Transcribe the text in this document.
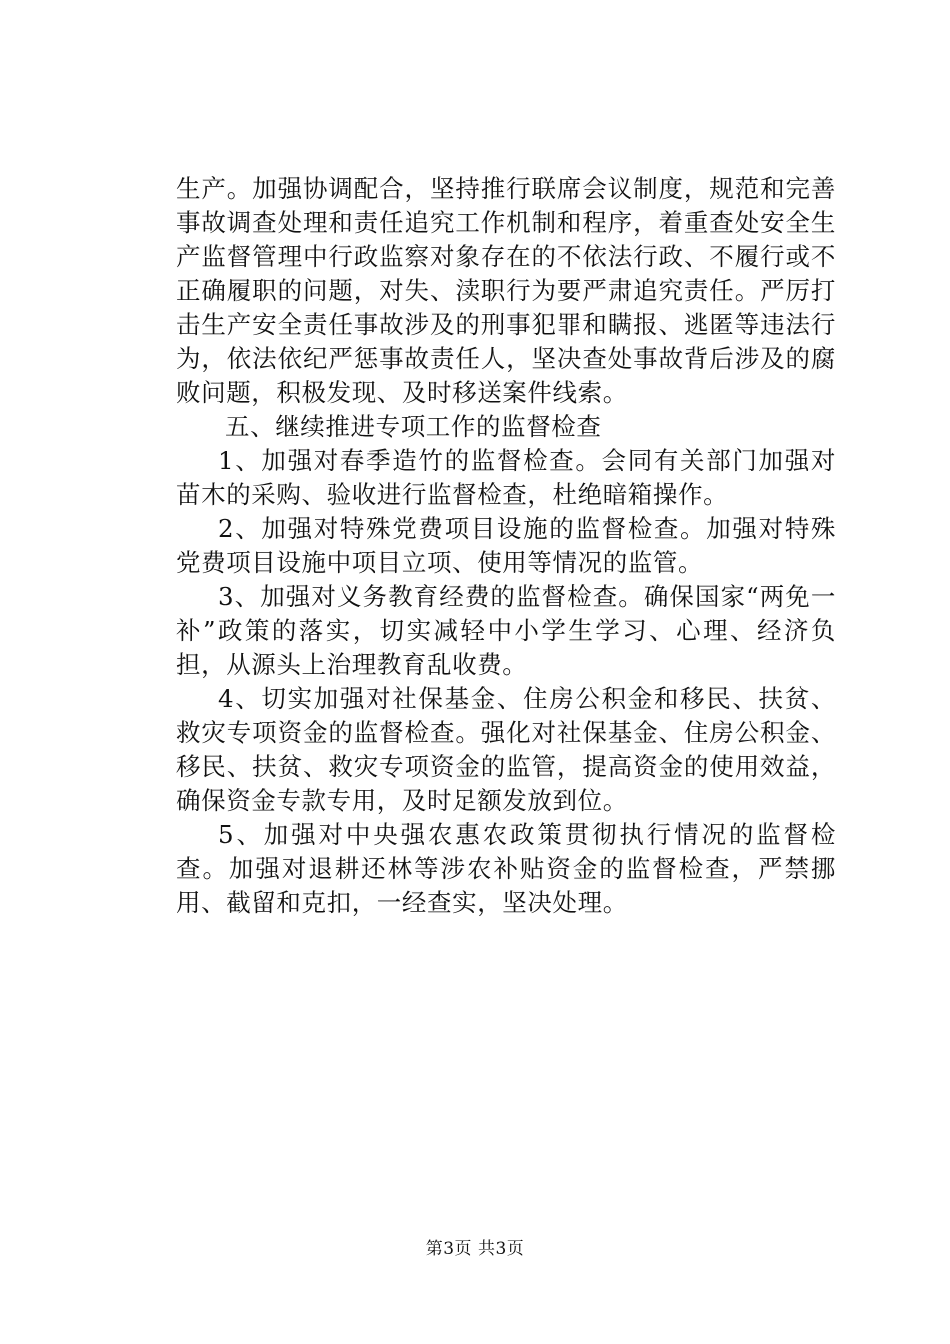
生产。加强协调配合，坚持推行联席会议制度，规范和完善事故调查处理和责任追究工作机制和程序，着重查处安全生产监督管理中行政监察对象存在的不依法行政、不履行或不正确履职的问题，对失、渎职行为要严肃追究责任。严厉打击生产安全责任事故涉及的刑事犯罪和瞒报、逃匿等违法行为，依法依纪严惩事故责任人，坚决查处事故背后涉及的腐败问题，积极发现、及时移送案件线索。

五、继续推进专项工作的监督检查

1、加强对春季造竹的监督检查。会同有关部门加强对苗木的采购、验收进行监督检查，杜绝暗箱操作。

2、加强对特殊党费项目设施的监督检查。加强对特殊党费项目设施中项目立项、使用等情况的监管。

3、加强对义务教育经费的监督检查。确保国家“两免一补”政策的落实，切实减轻中小学生学习、心理、经济负担，从源头上治理教育乱收费。

4、切实加强对社保基金、住房公积金和移民、扶贫、救灾专项资金的监督检查。强化对社保基金、住房公积金、移民、扶贫、救灾专项资金的监管，提高资金的使用效益，确保资金专款专用，及时足额发放到位。

5、加强对中央强农惠农政策贯彻执行情况的监督检查。加强对退耕还林等涉农补贴资金的监督检查，严禁挪用、截留和克扣，一经查实，坚决处理。

第3页 共3页
